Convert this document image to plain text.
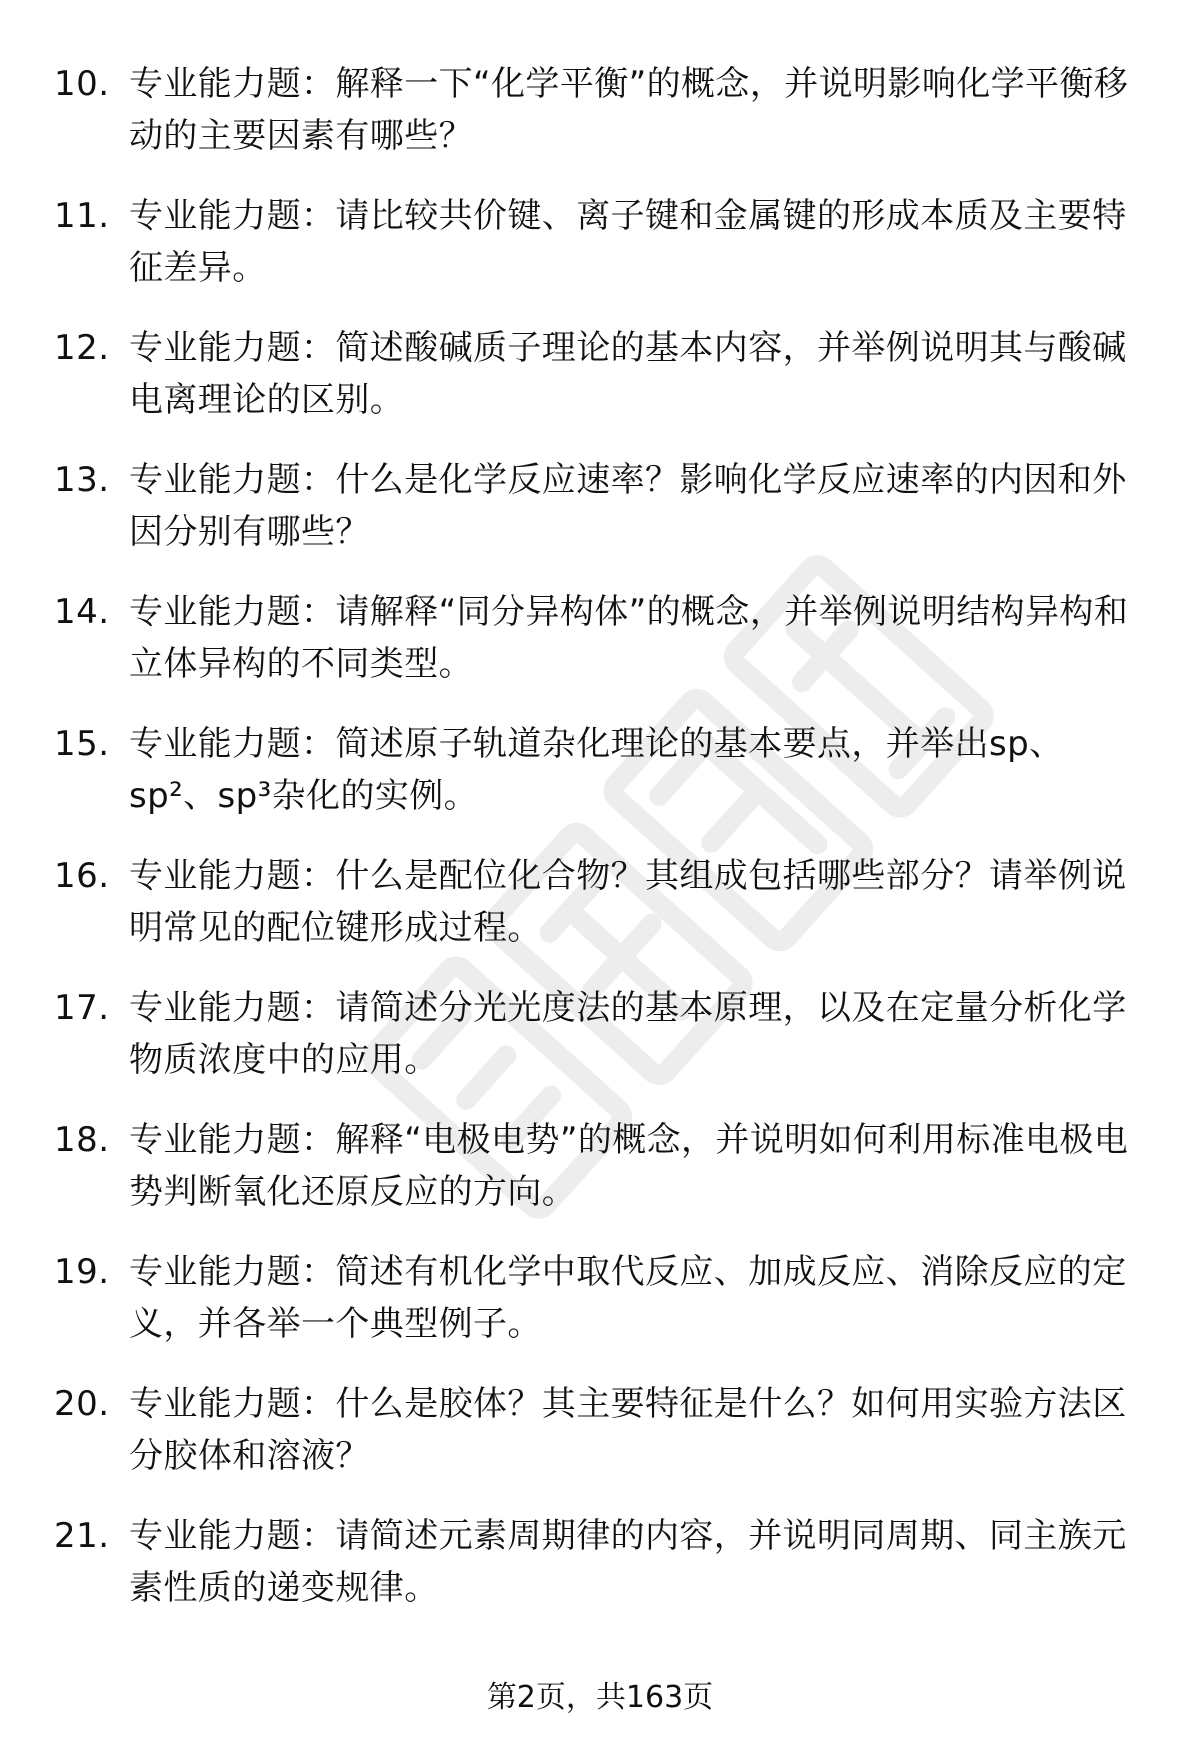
10. 专业能力题：解释一下“化学平衡”的概念，并说明影响化学平衡移动的主要因素有哪些？
11. 专业能力题：请比较共价键、离子键和金属键的形成本质及主要特征差异。
12. 专业能力题：简述酸碱质子理论的基本内容，并举例说明其与酸碱电离理论的区别。
13. 专业能力题：什么是化学反应速率？影响化学反应速率的内因和外因分别有哪些？
14. 专业能力题：请解释“同分异构体”的概念，并举例说明结构异构和立体异构的不同类型。
15. 专业能力题：简述原子轨道杂化理论的基本要点，并举出sp、sp²、sp³杂化的实例。
16. 专业能力题：什么是配位化合物？其组成包括哪些部分？请举例说明常见的配位键形成过程。
17. 专业能力题：请简述分光光度法的基本原理，以及在定量分析化学物质浓度中的应用。
18. 专业能力题：解释“电极电势”的概念，并说明如何利用标准电极电势判断氧化还原反应的方向。
19. 专业能力题：简述有机化学中取代反应、加成反应、消除反应的定义，并各举一个典型例子。
20. 专业能力题：什么是胶体？其主要特征是什么？如何用实验方法区分胶体和溶液？
21. 专业能力题：请简述元素周期律的内容，并说明同周期、同主族元素性质的递变规律。
第2页，共163页
